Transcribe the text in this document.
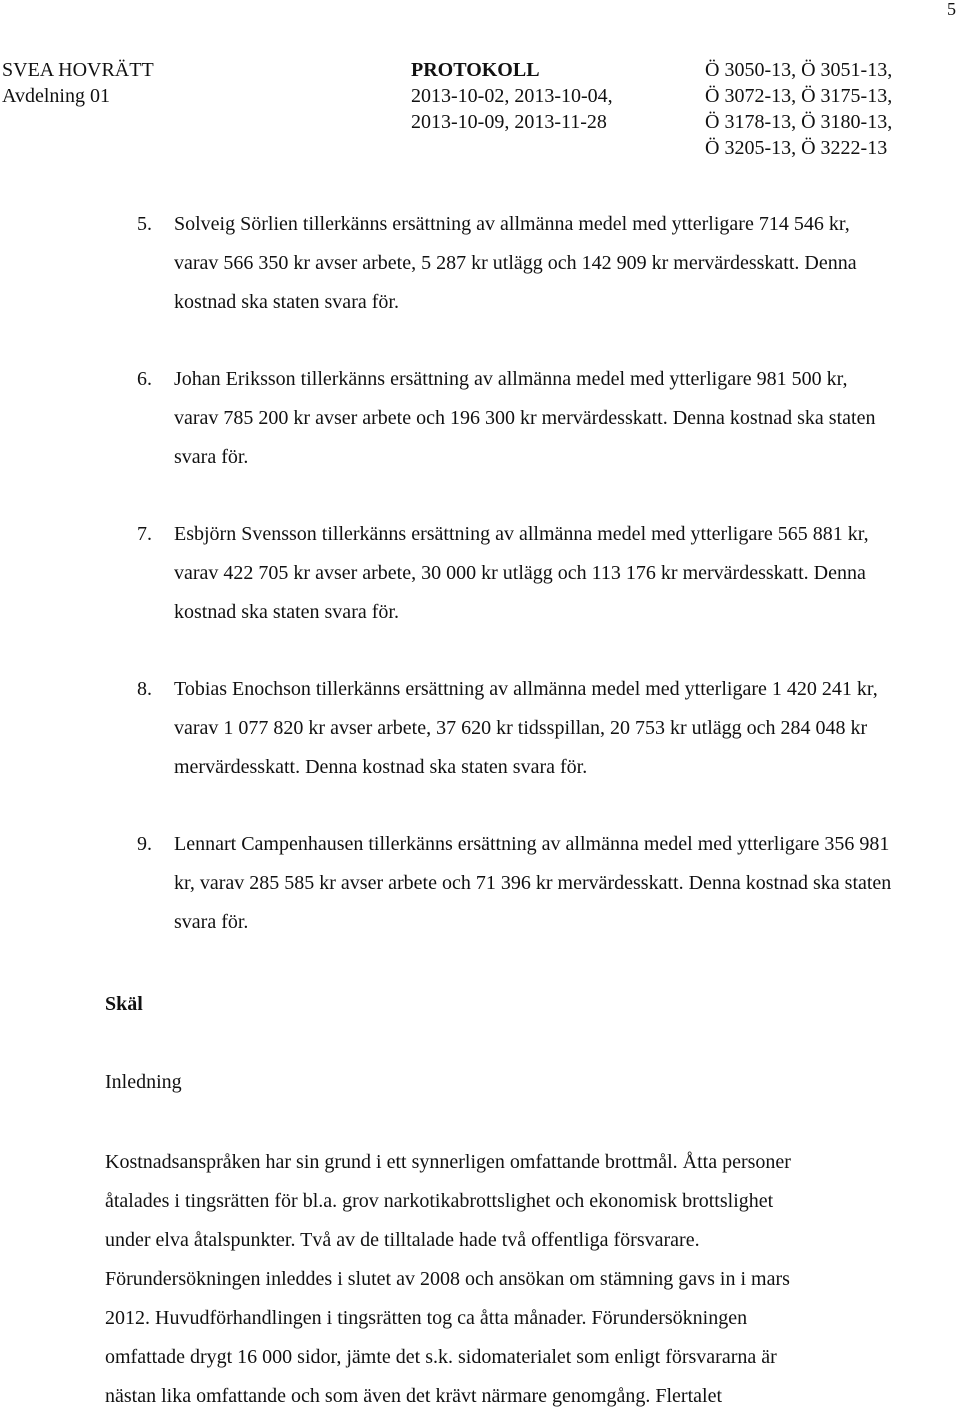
5
SVEA HOVRÄTT
Avdelning 01
PROTOKOLL
2013-10-02, 2013-10-04,
2013-10-09, 2013-11-28
Ö 3050-13, Ö 3051-13,
Ö 3072-13, Ö 3175-13,
Ö 3178-13, Ö 3180-13,
Ö 3205-13, Ö 3222-13
5. Solveig Sörlien tillerkänns ersättning av allmänna medel med ytterligare 714 546 kr, varav 566 350 kr avser arbete, 5 287 kr utlägg och 142 909 kr mervärdesskatt. Denna kostnad ska staten svara för.
6. Johan Eriksson tillerkänns ersättning av allmänna medel med ytterligare 981 500 kr, varav 785 200 kr avser arbete och 196 300 kr mervärdesskatt. Denna kostnad ska staten svara för.
7. Esbjörn Svensson tillerkänns ersättning av allmänna medel med ytterligare 565 881 kr, varav 422 705 kr avser arbete, 30 000 kr utlägg och 113 176 kr mervärdesskatt. Denna kostnad ska staten svara för.
8. Tobias Enochson tillerkänns ersättning av allmänna medel med ytterligare 1 420 241 kr, varav 1 077 820 kr avser arbete, 37 620 kr tidsspillan, 20 753 kr utlägg och 284 048 kr mervärdesskatt. Denna kostnad ska staten svara för.
9. Lennart Campenhausen tillerkänns ersättning av allmänna medel med ytterligare 356 981 kr, varav 285 585 kr avser arbete och 71 396 kr mervärdesskatt. Denna kostnad ska staten svara för.
Skäl
Inledning
Kostnadsanspråken har sin grund i ett synnerligen omfattande brottmål. Åtta personer
åtalades i tingsrätten för bl.a. grov narkotikabrottslighet och ekonomisk brottslighet
under elva åtalspunkter. Två av de tilltalade hade två offentliga försvarare.
Förundersökningen inleddes i slutet av 2008 och ansökan om stämning gavs in i mars
2012. Huvudförhandlingen i tingsrätten tog ca åtta månader. Förundersökningen
omfattade drygt 16 000 sidor, jämte det s.k. sidomaterialet som enligt försvararna är
nästan lika omfattande och som även det krävt närmare genomgång. Flertalet
